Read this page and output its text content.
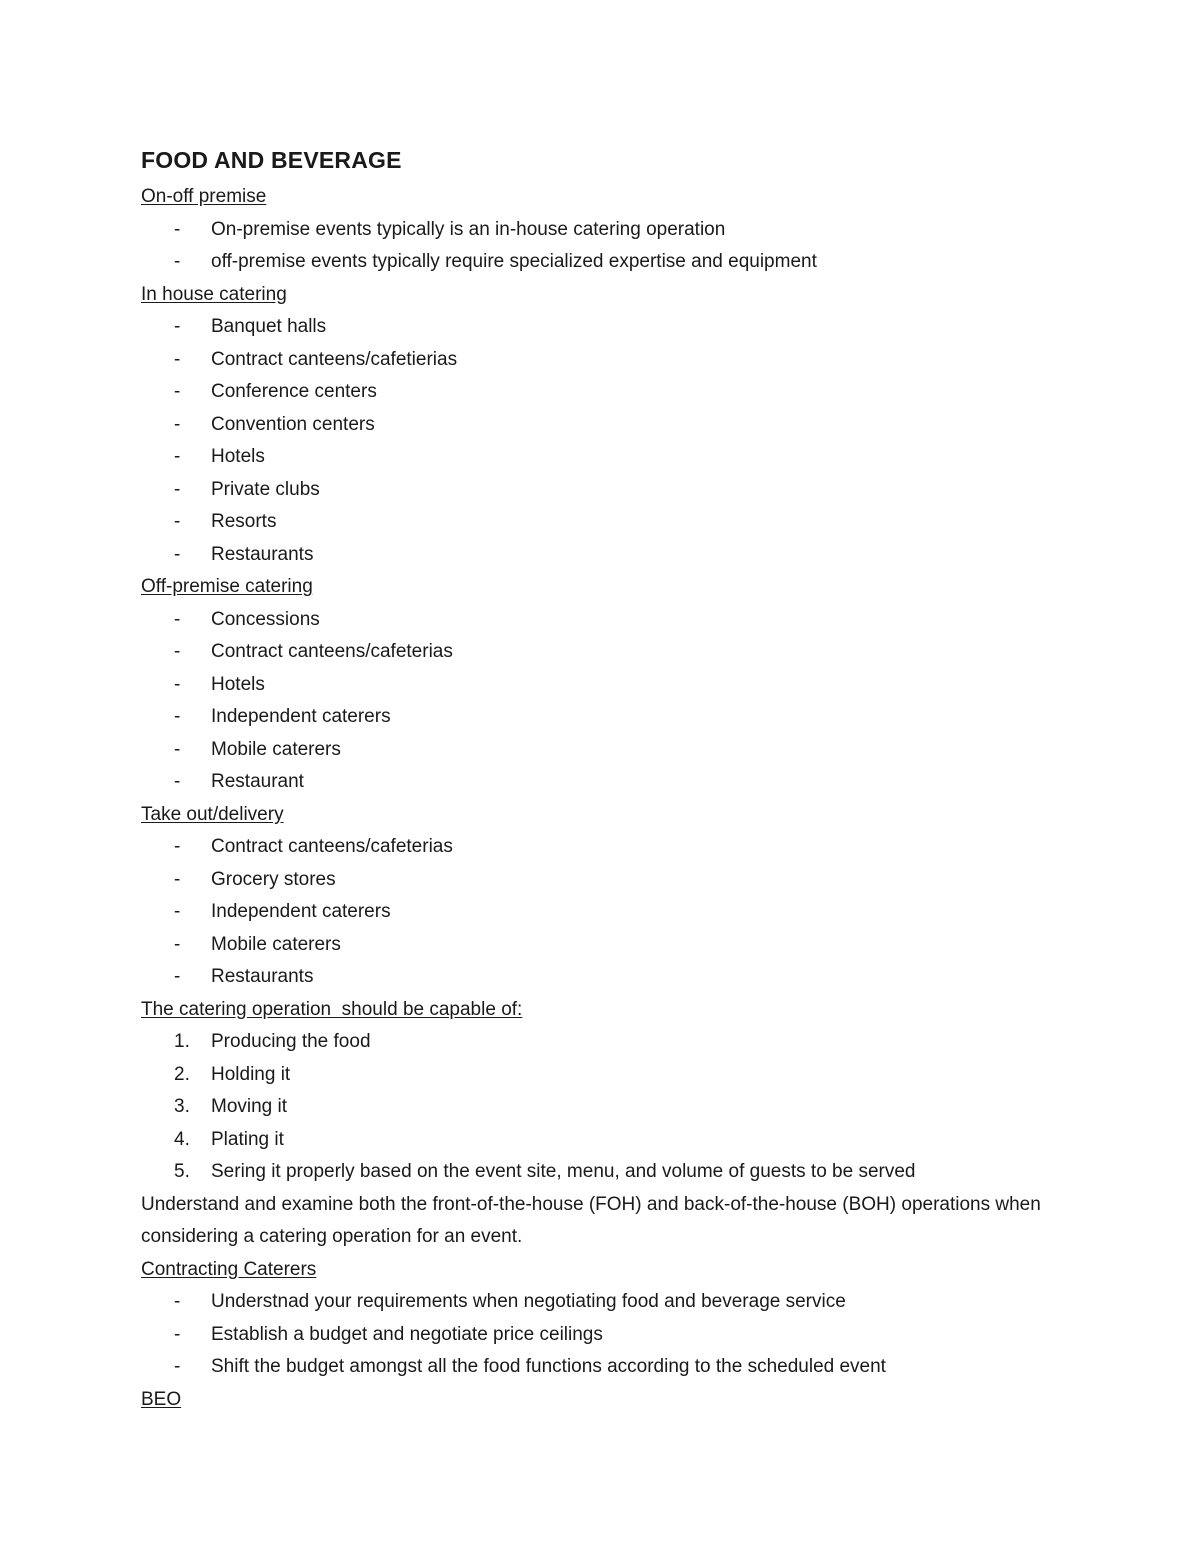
FOOD AND BEVERAGE
On-off premise
-	On-premise events typically is an in-house catering operation
-	off-premise events typically require specialized expertise and equipment
In house catering
-	Banquet halls
-	Contract canteens/cafetierias
-	Conference centers
-	Convention centers
-	Hotels
-	Private clubs
-	Resorts
-	Restaurants
Off-premise catering
-	Concessions
-	Contract canteens/cafeterias
-	Hotels
-	Independent caterers
-	Mobile caterers
-	Restaurant
Take out/delivery
-	Contract canteens/cafeterias
-	Grocery stores
-	Independent caterers
-	Mobile caterers
-	Restaurants
The catering operation  should be capable of:
1.	Producing the food
2.	Holding it
3.	Moving it
4.	Plating it
5.	Sering it properly based on the event site, menu, and volume of guests to be served
Understand and examine both the front-of-the-house (FOH) and back-of-the-house (BOH) operations when considering a catering operation for an event.
Contracting Caterers
-	Understnad your requirements when negotiating food and beverage service
-	Establish a budget and negotiate price ceilings
-	Shift the budget amongst all the food functions according to the scheduled event
BEO
